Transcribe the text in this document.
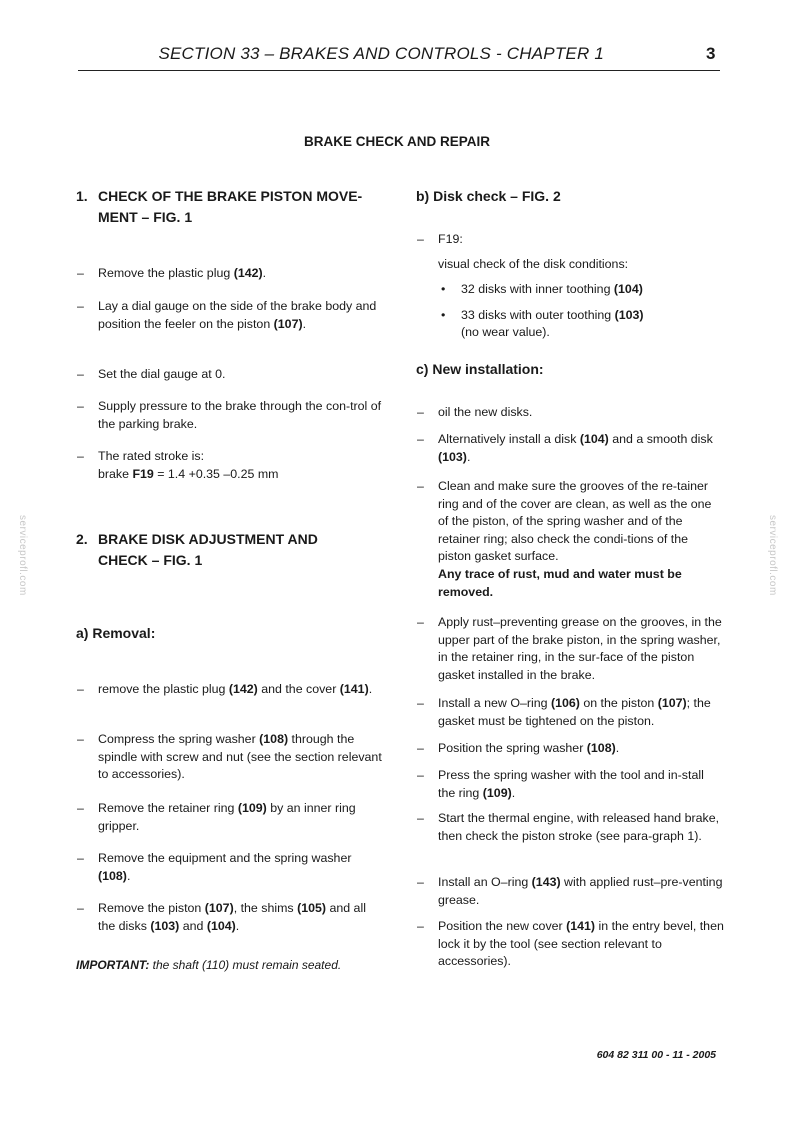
SECTION 33 – BRAKES AND CONTROLS - CHAPTER 1	3
BRAKE CHECK AND REPAIR
serviceprofl.com	serviceprofl.com
1. CHECK OF THE BRAKE PISTON MOVE-
MENT – FIG. 1
– Remove the plastic plug (142).
– Lay a dial gauge on the side of the brake body and position the feeler on the piston (107).
– Set the dial gauge at 0.
– Supply pressure to the brake through the con-trol of the parking brake.
– The rated stroke is:
brake F19 = 1.4 +0.35 –0.25 mm
2. BRAKE DISK ADJUSTMENT AND
CHECK – FIG. 1
a) Removal:
– remove the plastic plug (142) and the cover (141).
– Compress the spring washer (108) through the spindle with screw and nut (see the section relevant to accessories).
– Remove the retainer ring (109) by an inner ring gripper.
– Remove the equipment and the spring washer (108).
– Remove the piston (107), the shims (105) and all the disks (103) and (104).
IMPORTANT: the shaft (110) must remain seated.
b) Disk check – FIG. 2
– F19:
visual check of the disk conditions:
• 32 disks with inner toothing (104)
• 33 disks with outer toothing (103)
(no wear value).
c) New installation:
– oil the new disks.
– Alternatively install a disk (104) and a smooth disk (103).
– Clean and make sure the grooves of the re-tainer ring and of the cover are clean, as well as the one of the piston, of the spring washer and of the retainer ring; also check the condi-tions of the piston gasket surface.
Any trace of rust, mud and water must be removed.
– Apply rust–preventing grease on the grooves, in the upper part of the brake piston, in the spring washer, in the retainer ring, in the sur-face of the piston gasket installed in the brake.
– Install a new O–ring (106) on the piston (107); the gasket must be tightened on the piston.
– Position the spring washer (108).
– Press the spring washer with the tool and in-stall the ring (109).
– Start the thermal engine, with released hand brake, then check the piston stroke (see para-graph 1).
– Install an O–ring (143) with applied rust–pre-venting grease.
– Position the new cover (141) in the entry bevel, then lock it by the tool (see section relevant to accessories).
604 82 311 00 - 11 - 2005
